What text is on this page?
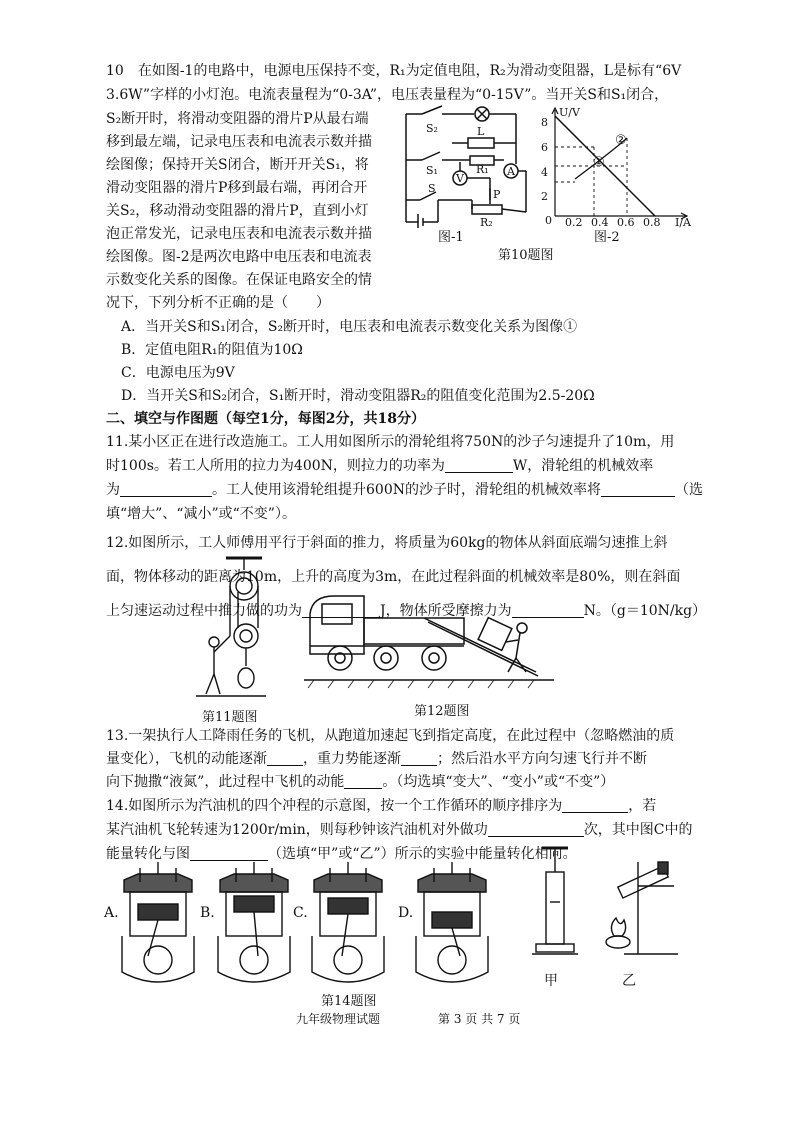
10　在如图-1的电路中，电源电压保持不变，R₁为定值电阻，R₂为滑动变阻器，L是标有“6V
3.6W”字样的小灯泡。电流表量程为“0-3A”，电压表量程为“0-15V”。当开关S和S₁闭合，
S₂断开时，将滑动变阻器的滑片P从最右端
移到最左端，记录电压表和电流表示数并描
绘图像；保持开关S闭合，断开开关S₁，将
滑动变阻器的滑片P移到最右端，再闭合开
关S₂，移动滑动变阻器的滑片P，直到小灯
泡正常发光，记录电压表和电流表示数并描
绘图像。图-2是两次电路中电压表和电流表
示数变化关系的图像。在保证电路安全的情
况下，下列分析不正确的是（　　）
A．当开关S和S₁闭合，S₂断开时，电压表和电流表示数变化关系为图像①
B．定值电阻R₁的阻值为10Ω
C．电源电压为9V
D．当开关S和S₂闭合，S₁断开时，滑动变阻器R₂的阻值变化范围为2.5-20Ω
S₂	L
S₁	R₁
V
A
S	P
R₂
U/V
I/A
8
6
4
2
0 0.2 0.4 0.6 0.8
①
②
图-1	图-2
第10题图
二、填空与作图题（每空1分，每图2分，共18分）
11.某小区正在进行改造施工。工人用如图所示的滑轮组将750N的沙子匀速提升了10m，用
时100s。若工人所用的拉力为400N，则拉力的功率为	W，滑轮组的机械效率
为	。工人使用该滑轮组提升600N的沙子时，滑轮组的机械效率将	（选
填“增大”、“减小”或“不变”）。
12.如图所示，工人师傅用平行于斜面的推力，将质量为60kg的物体从斜面底端匀速推上斜
面，物体移动的距离为10m，上升的高度为3m，在此过程斜面的机械效率是80%，则在斜面
上匀速运动过程中推力做的功为	J，物体所受摩擦力为	N。（g＝10N/kg）
第11题图	第12题图
13.一架执行人工降雨任务的飞机，从跑道加速起飞到指定高度，在此过程中（忽略燃油的质
量变化），飞机的动能逐渐	，重力势能逐渐	；然后沿水平方向匀速飞行并不断
向下抛撒“液氮”，此过程中飞机的动能	。（均选填“变大”、“变小”或“不变”）
14.如图所示为汽油机的四个冲程的示意图，按一个工作循环的顺序排序为	，若
某汽油机飞轮转速为1200r/min，则每秒钟该汽油机对外做功	次，其中图C中的
能量转化与图	（选填“甲”或“乙”）所示的实验中能量转化相同。
A.	B.	C.	D.
第14题图
甲	乙
九年级物理试题	第 3 页 共 7 页
